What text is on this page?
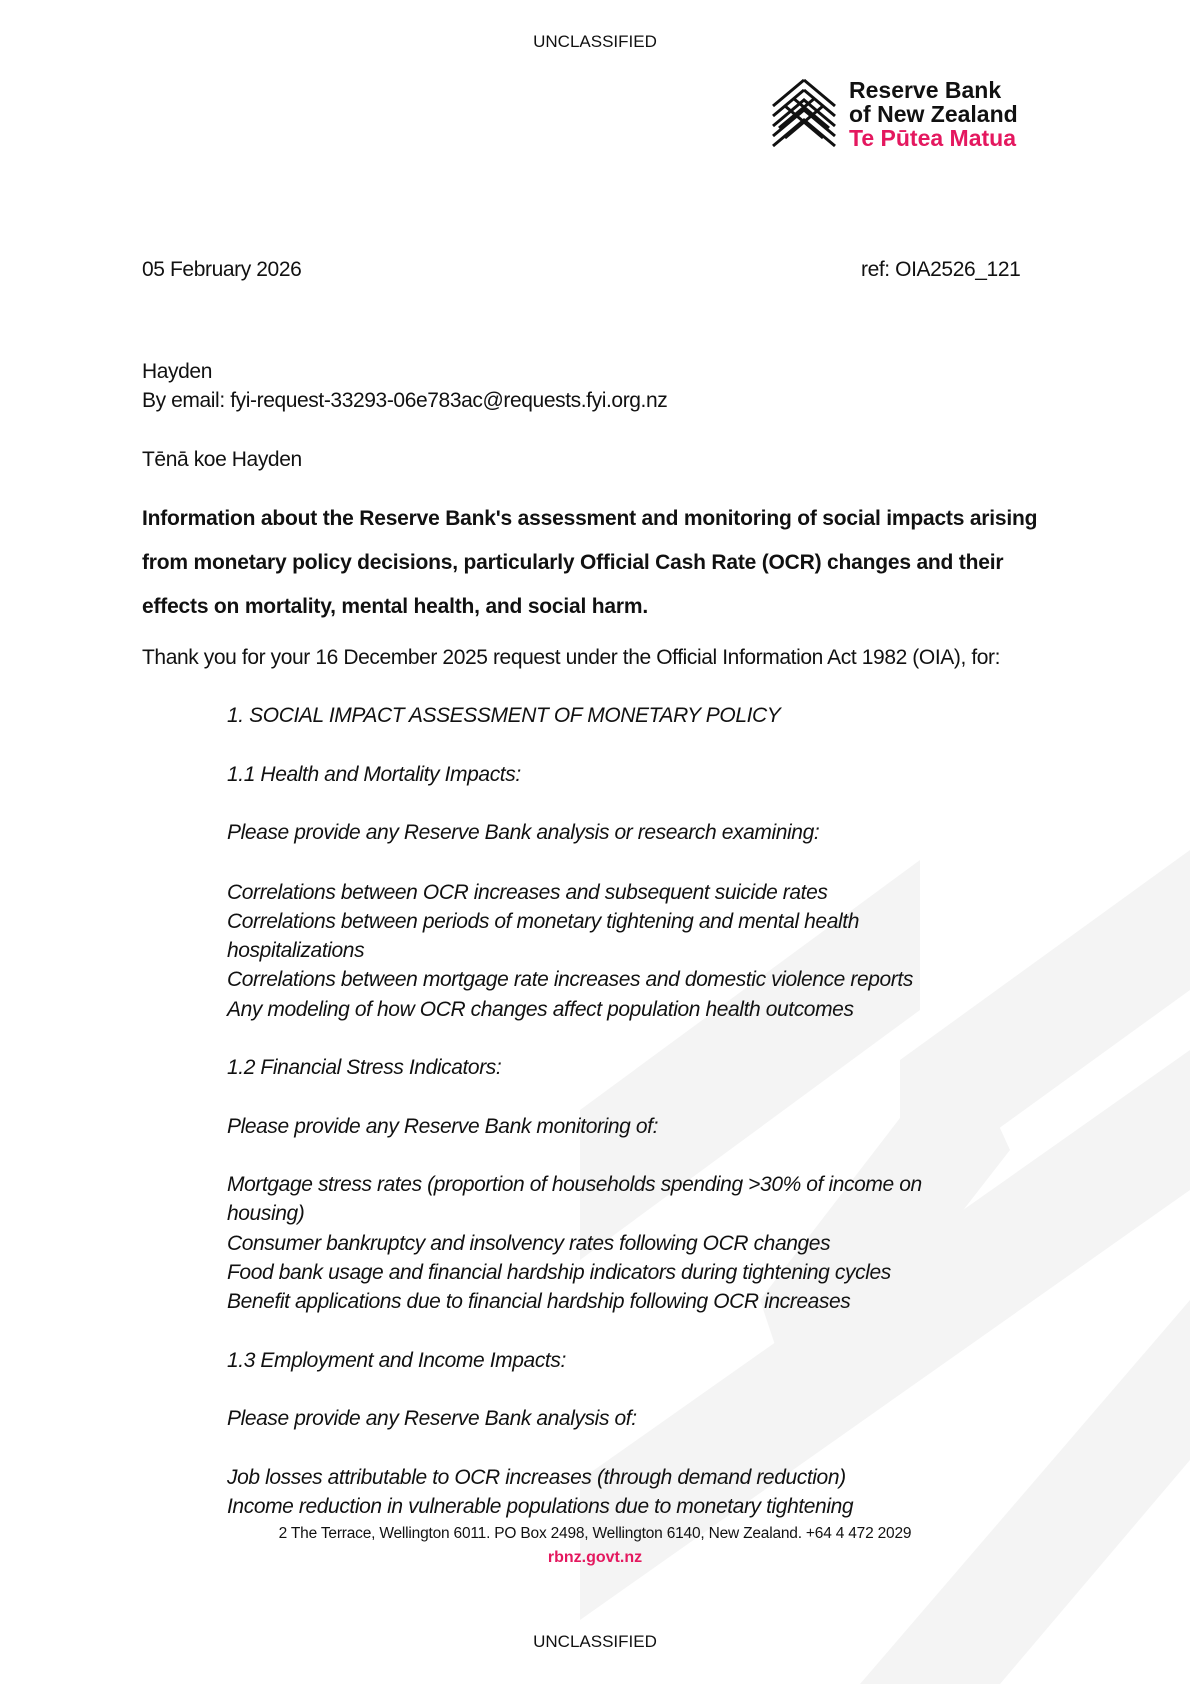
UNCLASSIFIED
Reserve Bank
of New Zealand
Te Pūtea Matua
05 February 2026	ref: OIA2526_121
Hayden
By email: fyi-request-33293-06e783ac@requests.fyi.org.nz
Tēnā koe Hayden
Information about the Reserve Bank's assessment and monitoring of social impacts arising
from monetary policy decisions, particularly Official Cash Rate (OCR) changes and their
effects on mortality, mental health, and social harm.
Thank you for your 16 December 2025 request under the Official Information Act 1982 (OIA), for:
1. SOCIAL IMPACT ASSESSMENT OF MONETARY POLICY
1.1 Health and Mortality Impacts:
Please provide any Reserve Bank analysis or research examining:
Correlations between OCR increases and subsequent suicide rates
Correlations between periods of monetary tightening and mental health
hospitalizations
Correlations between mortgage rate increases and domestic violence reports
Any modeling of how OCR changes affect population health outcomes
1.2 Financial Stress Indicators:
Please provide any Reserve Bank monitoring of:
Mortgage stress rates (proportion of households spending >30% of income on
housing)
Consumer bankruptcy and insolvency rates following OCR changes
Food bank usage and financial hardship indicators during tightening cycles
Benefit applications due to financial hardship following OCR increases
1.3 Employment and Income Impacts:
Please provide any Reserve Bank analysis of:
Job losses attributable to OCR increases (through demand reduction)
Income reduction in vulnerable populations due to monetary tightening
2 The Terrace, Wellington 6011. PO Box 2498, Wellington 6140, New Zealand. +64 4 472 2029
rbnz.govt.nz
UNCLASSIFIED
